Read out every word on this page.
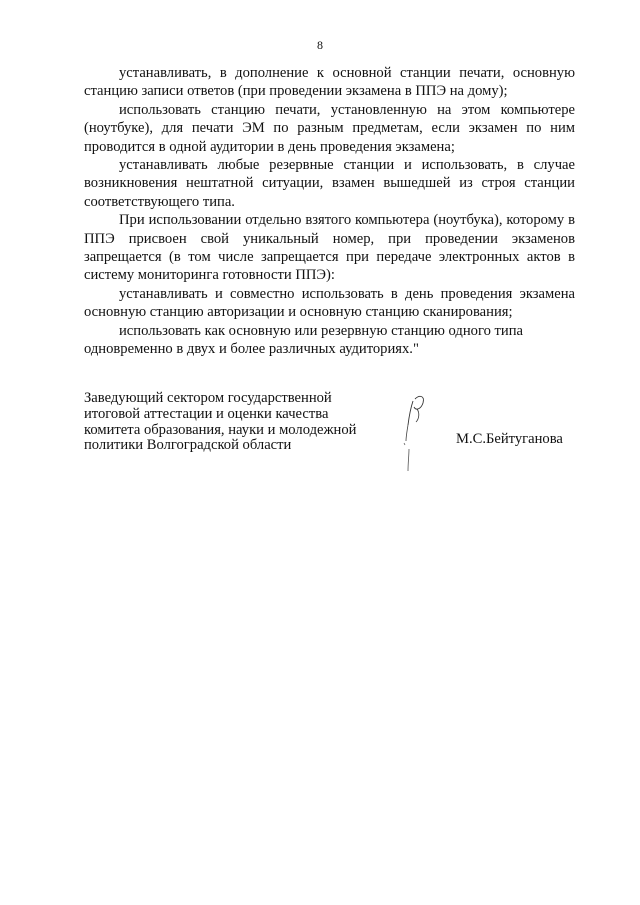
8

устанавливать, в дополнение к основной станции печати, основную станцию записи ответов (при проведении экзамена в ППЭ на дому);

использовать станцию печати, установленную на этом компьютере (ноутбуке), для печати ЭМ по разным предметам, если экзамен по ним проводится в одной аудитории в день проведения экзамена;

устанавливать любые резервные станции и использовать, в случае возникновения нештатной ситуации, взамен вышедшей из строя станции соответствующего типа.

При использовании отдельно взятого компьютера (ноутбука), которому в ППЭ присвоен свой уникальный номер, при проведении экзаменов запрещается (в том числе запрещается при передаче электронных актов в систему мониторинга готовности ППЭ):

устанавливать и совместно использовать в день проведения экзамена основную станцию авторизации и основную станцию сканирования;

использовать как основную или резервную станцию одного типа одновременно в двух и более различных аудиториях."

Заведующий сектором государственной
итоговой аттестации и оценки качества
комитета образования, науки и молодежной
политики Волгоградской области	М.С.Бейтуганова
